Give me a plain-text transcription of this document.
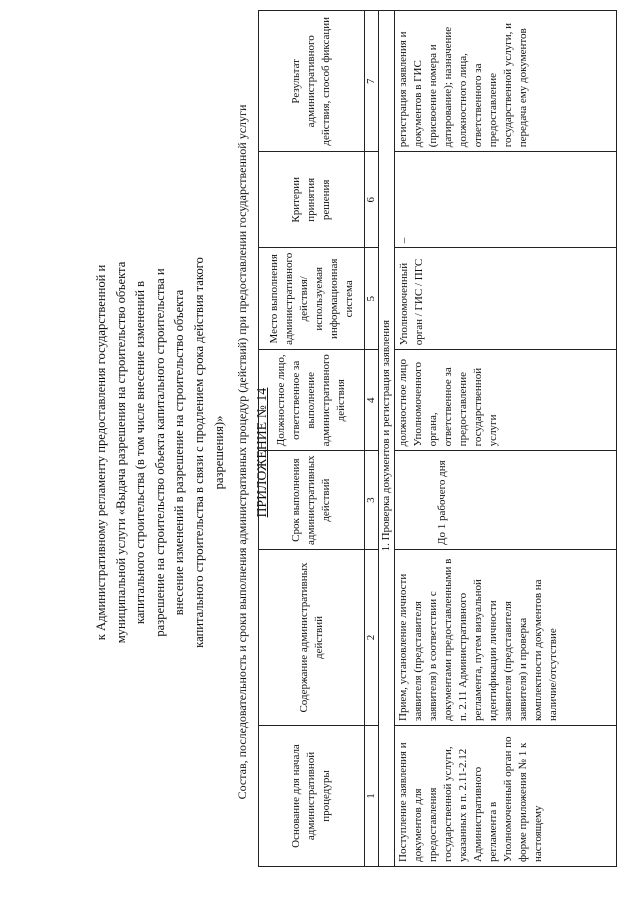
ПРИЛОЖЕНИЕ № 14
к Административному регламенту предоставления государственной и муниципальной услуги «Выдача разрешения на строительство объекта капитального строительства (в том числе внесение изменений в разрешение на строительство объекта капитального строительства и внесение изменений в разрешение на строительство объекта капитального строительства в связи с продлением срока действия такого разрешения)» Состав, последовательность и сроки выполнения административных процедур (действий) при предоставлении государственной услуги	Основание для начала административной процедуры	Содержание административных действий	Срок выполнения административных действий	Должностное лицо, ответственное за выполнение административного действия	Место выполнения административного действия/ используемая информационная система	Критерии принятия решения	Результат административного действия, способ фиксации
1	2	3	4	5	6	7
1. Проверка документов и регистрация заявления						
Поступление заявления и документов для предоставления государственной услуги, указанных в п. 2.11-2.12 Административного регламента в Уполномоченный орган по форме приложения № 1 к настоящему	Прием, установление личности заявителя (представителя заявителя) в соответствии с документами предоставленными в п. 2.11 Административного регламента, путем визуальной идентификации личности заявителя (представителя заявителя) и проверка комплектности документов на наличие/отсутствие	До 1 рабочего дня	должностное лицо Уполномоченного органа, ответственное за предоставление государственной услуги	Уполномоченный орган / ГИС / ПГС	–	регистрация заявления и документов в ГИС (присвоение номера и датирование); назначение должностного лица, ответственного за предоставление государственной услуги, и передача ему документов
